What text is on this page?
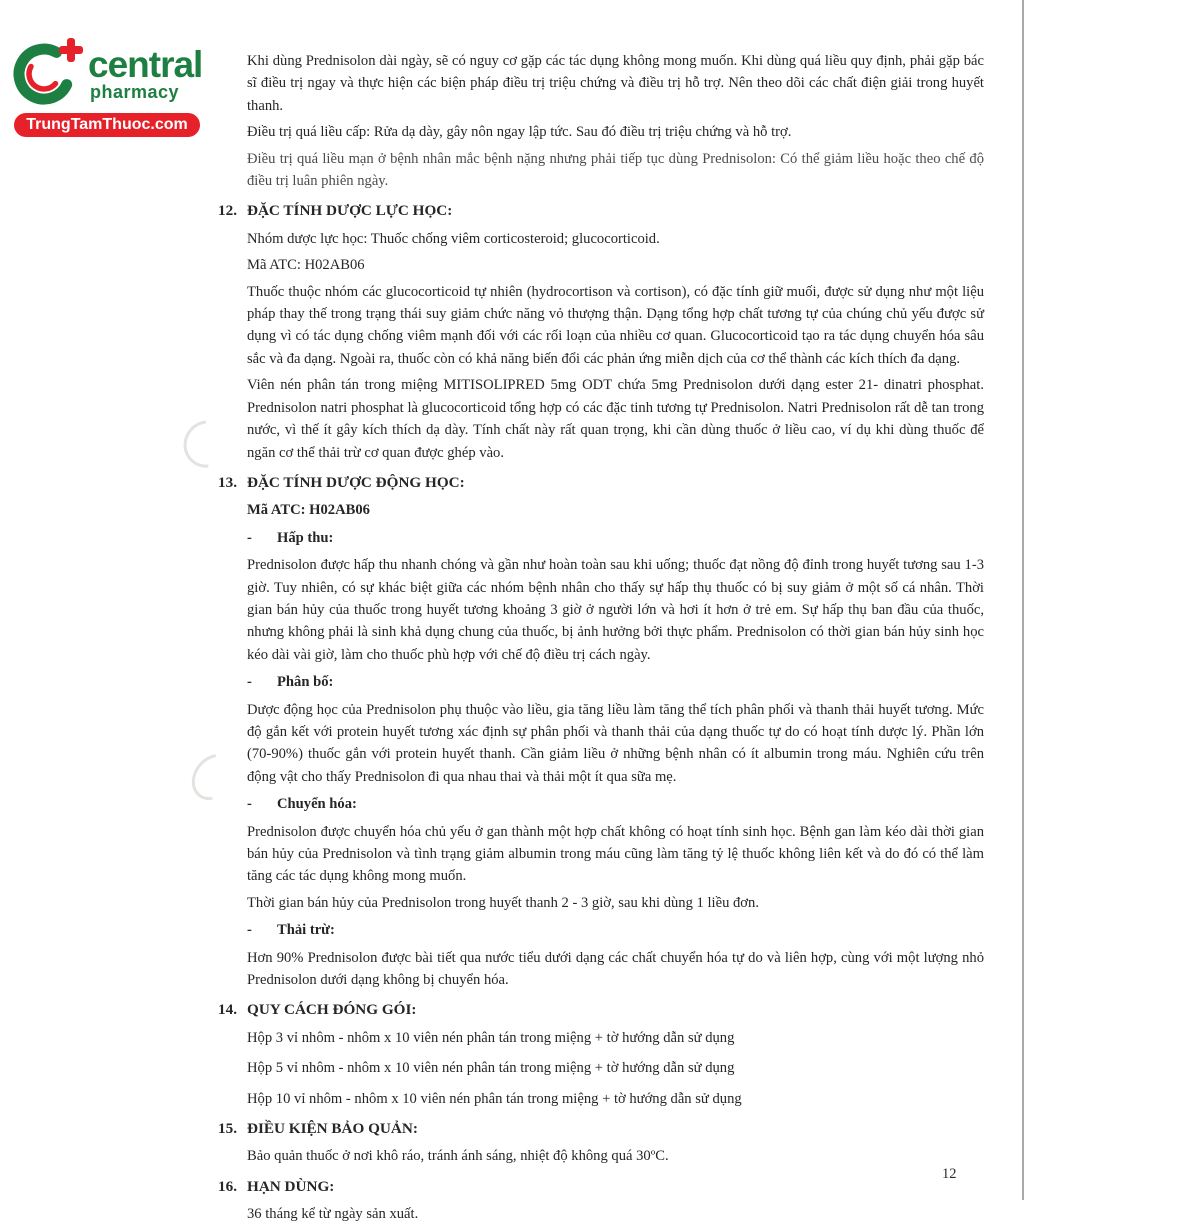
central
pharmacy
TrungTamThuoc.com

Khi dùng Prednisolon dài ngày, sẽ có nguy cơ gặp các tác dụng không mong muốn. Khi dùng quá liều quy định, phải gặp bác sĩ điều trị ngay và thực hiện các biện pháp điều trị triệu chứng và điều trị hỗ trợ. Nên theo dõi các chất điện giải trong huyết thanh.

Điều trị quá liều cấp: Rửa dạ dày, gây nôn ngay lập tức. Sau đó điều trị triệu chứng và hỗ trợ.

Điều trị quá liều mạn ở bệnh nhân mắc bệnh nặng nhưng phải tiếp tục dùng Prednisolon: Có thể giảm liều hoặc theo chế độ điều trị luân phiên ngày.

12. ĐẶC TÍNH DƯỢC LỰC HỌC:

Nhóm dược lực học: Thuốc chống viêm corticosteroid; glucocorticoid.

Mã ATC: H02AB06

Thuốc thuộc nhóm các glucocorticoid tự nhiên (hydrocortison và cortison), có đặc tính giữ muối, được sử dụng như một liệu pháp thay thế trong trạng thái suy giảm chức năng vỏ thượng thận. Dạng tổng hợp chất tương tự của chúng chủ yếu được sử dụng vì có tác dụng chống viêm mạnh đối với các rối loạn của nhiều cơ quan. Glucocorticoid tạo ra tác dụng chuyển hóa sâu sắc và đa dạng. Ngoài ra, thuốc còn có khả năng biến đổi các phản ứng miễn dịch của cơ thể thành các kích thích đa dạng.

Viên nén phân tán trong miệng MITISOLIPRED 5mg ODT chứa 5mg Prednisolon dưới dạng ester 21- dinatri phosphat. Prednisolon natri phosphat là glucocorticoid tổng hợp có các đặc tinh tương tự Prednisolon. Natri Prednisolon rất dễ tan trong nước, vì thế ít gây kích thích dạ dày. Tính chất này rất quan trọng, khi cần dùng thuốc ở liều cao, ví dụ khi dùng thuốc để ngăn cơ thể thải trừ cơ quan được ghép vào.

13. ĐẶC TÍNH DƯỢC ĐỘNG HỌC:
Mã ATC: H02AB06
-	Hấp thu:

Prednisolon được hấp thu nhanh chóng và gần như hoàn toàn sau khi uống; thuốc đạt nồng độ đỉnh trong huyết tương sau 1-3 giờ. Tuy nhiên, có sự khác biệt giữa các nhóm bệnh nhân cho thấy sự hấp thụ thuốc có bị suy giảm ở một số cá nhân. Thời gian bán hủy của thuốc trong huyết tương khoảng 3 giờ ở người lớn và hơi ít hơn ở trẻ em. Sự hấp thụ ban đầu của thuốc, nhưng không phải là sinh khả dụng chung của thuốc, bị ảnh hưởng bởi thực phẩm. Prednisolon có thời gian bán hủy sinh học kéo dài vài giờ, làm cho thuốc phù hợp với chế độ điều trị cách ngày.

-	Phân bố:

Dược động học của Prednisolon phụ thuộc vào liều, gia tăng liều làm tăng thể tích phân phối và thanh thải huyết tương. Mức độ gắn kết với protein huyết tương xác định sự phân phối và thanh thải của dạng thuốc tự do có hoạt tính dược lý. Phần lớn (70-90%) thuốc gắn với protein huyết thanh. Cần giảm liều ở những bệnh nhân có ít albumin trong máu. Nghiên cứu trên động vật cho thấy Prednisolon đi qua nhau thai và thải một ít qua sữa mẹ.

-	Chuyển hóa:

Prednisolon được chuyển hóa chủ yếu ở gan thành một hợp chất không có hoạt tính sinh học. Bệnh gan làm kéo dài thời gian bán hủy của Prednisolon và tình trạng giảm albumin trong máu cũng làm tăng tỷ lệ thuốc không liên kết và do đó có thể làm tăng các tác dụng không mong muốn.

Thời gian bán hủy của Prednisolon trong huyết thanh 2 - 3 giờ, sau khi dùng 1 liều đơn.

-	Thải trừ:

Hơn 90% Prednisolon được bài tiết qua nước tiểu dưới dạng các chất chuyển hóa tự do và liên hợp, cùng với một lượng nhỏ Prednisolon dưới dạng không bị chuyển hóa.

14. QUY CÁCH ĐÓNG GÓI:

Hộp 3 vỉ nhôm - nhôm x 10 viên nén phân tán trong miệng + tờ hướng dẫn sử dụng

Hộp 5 vỉ nhôm - nhôm x 10 viên nén phân tán trong miệng + tờ hướng dẫn sử dụng

Hộp 10 vỉ nhôm - nhôm x 10 viên nén phân tán trong miệng + tờ hướng dẫn sử dụng

15. ĐIỀU KIỆN BẢO QUẢN:

Bảo quản thuốc ở nơi khô ráo, tránh ánh sáng, nhiệt độ không quá 30ºC.

16. HẠN DÙNG:

36 tháng kể từ ngày sản xuất.

12
